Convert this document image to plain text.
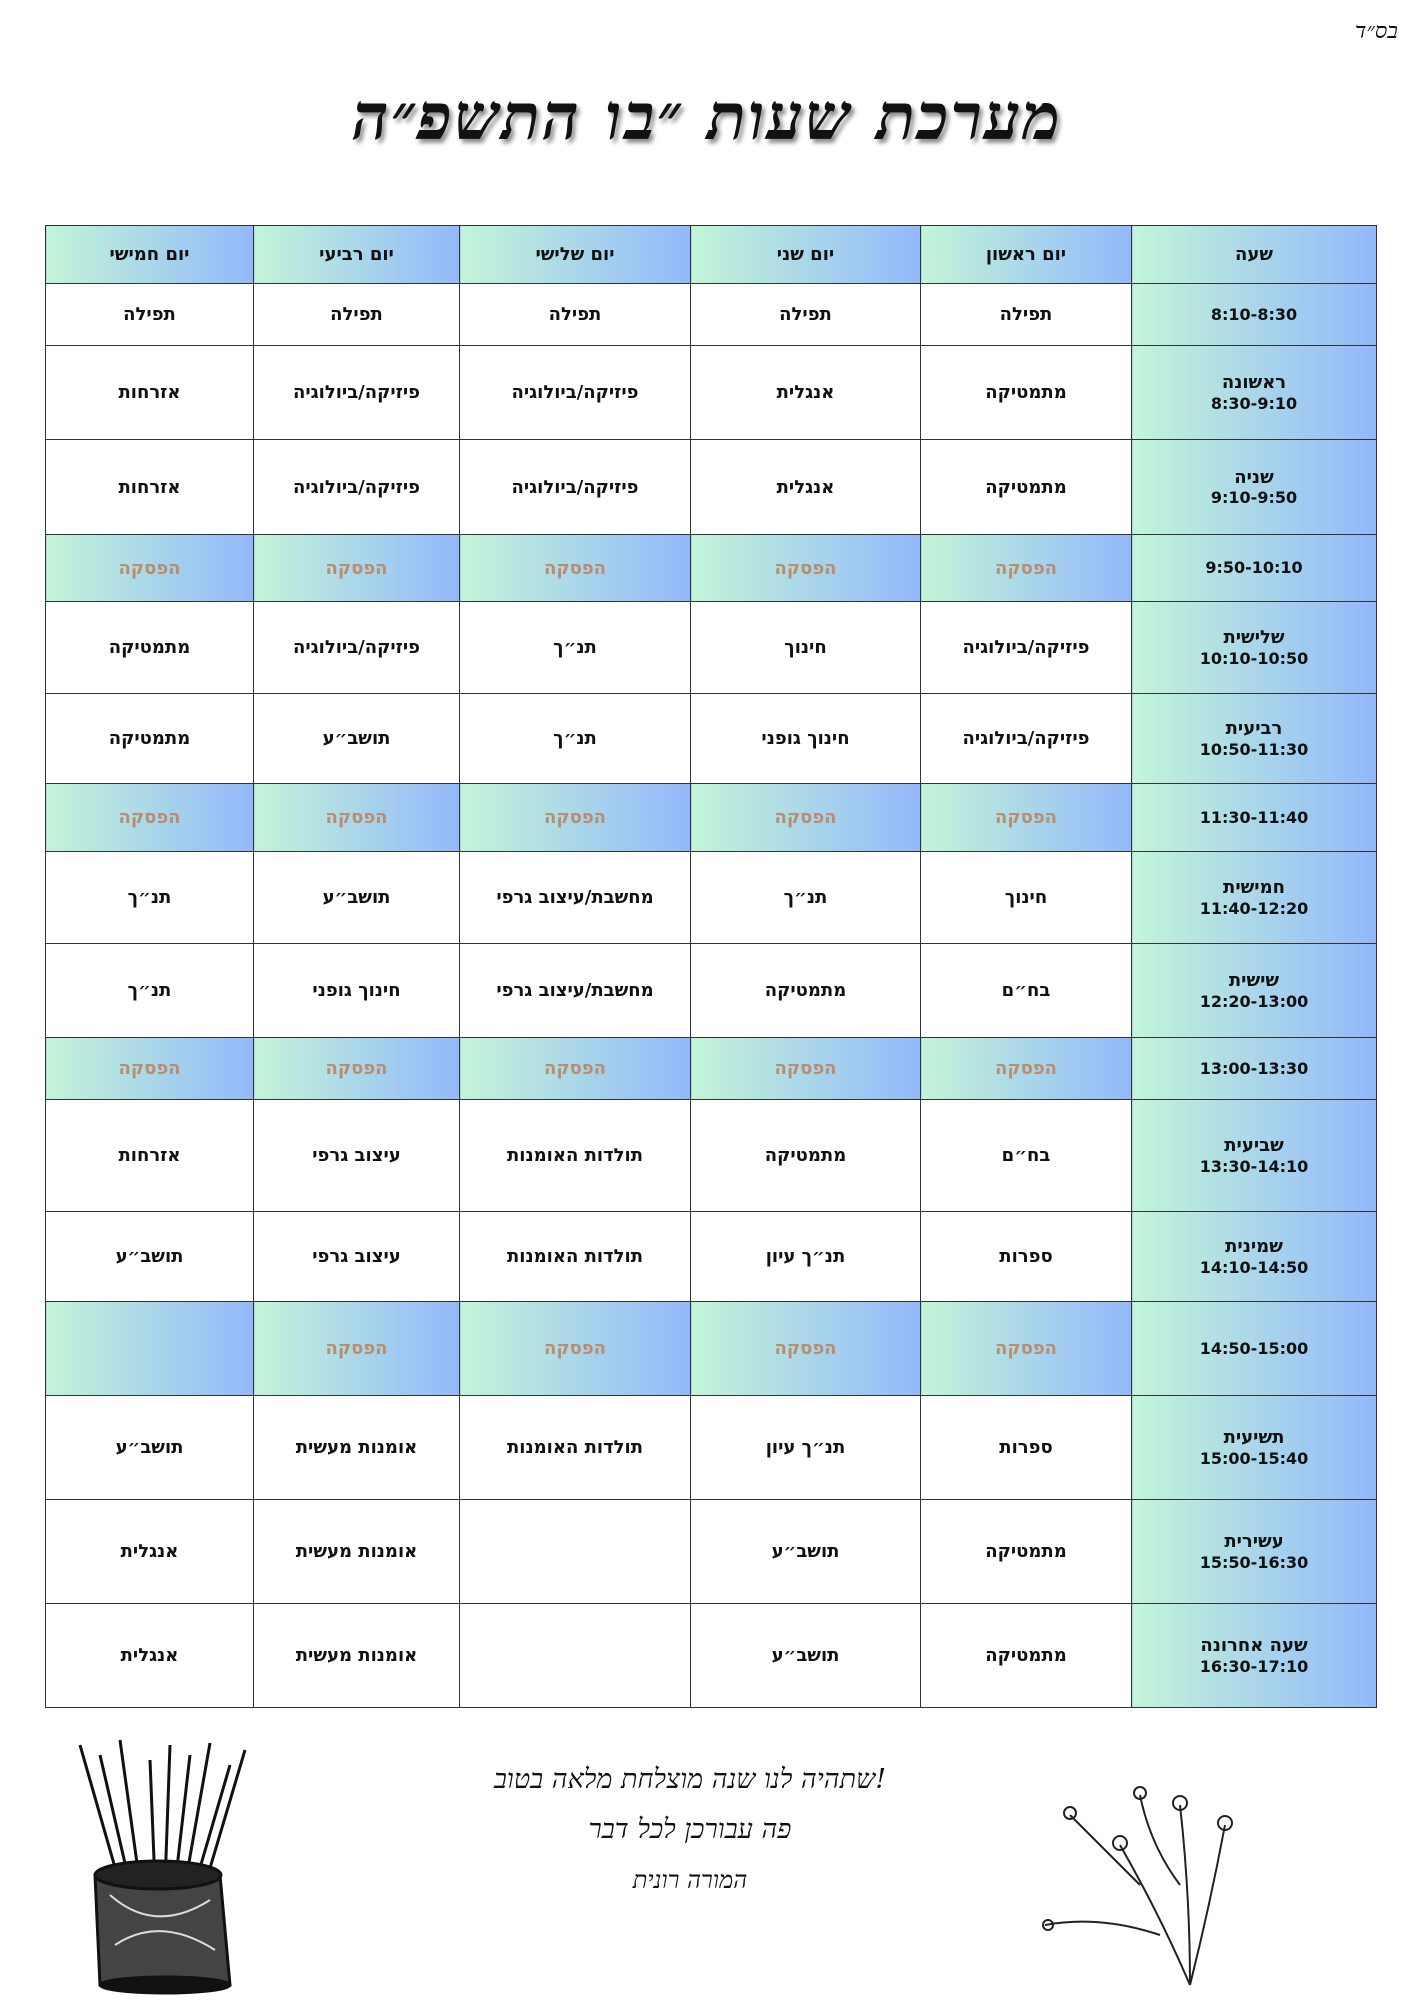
בס״ד
מערכת שעות ״בו התשפ״ה
שעה	יום ראשון	יום שני	יום שלישי	יום רביעי	יום חמישי

8:10-8:30	תפילה	תפילה	תפילה	תפילה	תפילה

ראשונה
8:30-9:10	מתמטיקה	אנגלית	פיזיקה/ביולוגיה	פיזיקה/ביולוגיה	אזרחות

שניה
9:10-9:50	מתמטיקה	אנגלית	פיזיקה/ביולוגיה	פיזיקה/ביולוגיה	אזרחות

9:50-10:10	הפסקה	הפסקה	הפסקה	הפסקה	הפסקה

שלישית
10:10-10:50	פיזיקה/ביולוגיה	חינוך	תנ״ך	פיזיקה/ביולוגיה	מתמטיקה

רביעית
10:50-11:30	פיזיקה/ביולוגיה	חינוך גופני	תנ״ך	תושב״ע	מתמטיקה

11:30-11:40	הפסקה	הפסקה	הפסקה	הפסקה	הפסקה

חמישית
11:40-12:20	חינוך	תנ״ך	מחשבת/עיצוב גרפי	תושב״ע	תנ״ך

שישית
12:20-13:00	בח״ם	מתמטיקה	מחשבת/עיצוב גרפי	חינוך גופני	תנ״ך

13:00-13:30	הפסקה	הפסקה	הפסקה	הפסקה	הפסקה

שביעית
13:30-14:10	בח״ם	מתמטיקה	תולדות האומנות	עיצוב גרפי	אזרחות

שמינית
14:10-14:50	ספרות	תנ״ך עיון	תולדות האומנות	עיצוב גרפי	תושב״ע

14:50-15:00	הפסקה	הפסקה	הפסקה	הפסקה	

תשיעית
15:00-15:40	ספרות	תנ״ך עיון	תולדות האומנות	אומנות מעשית	תושב״ע

עשירית
15:50-16:30	מתמטיקה	תושב״ע		אומנות מעשית	אנגלית

שעה אחרונה
16:30-17:10	מתמטיקה	תושב״ע		אומנות מעשית	אנגלית
שתהיה לנו שנה מוצלחת מלאה בטוב!
פה עבורכן לכל דבר
המורה רונית
